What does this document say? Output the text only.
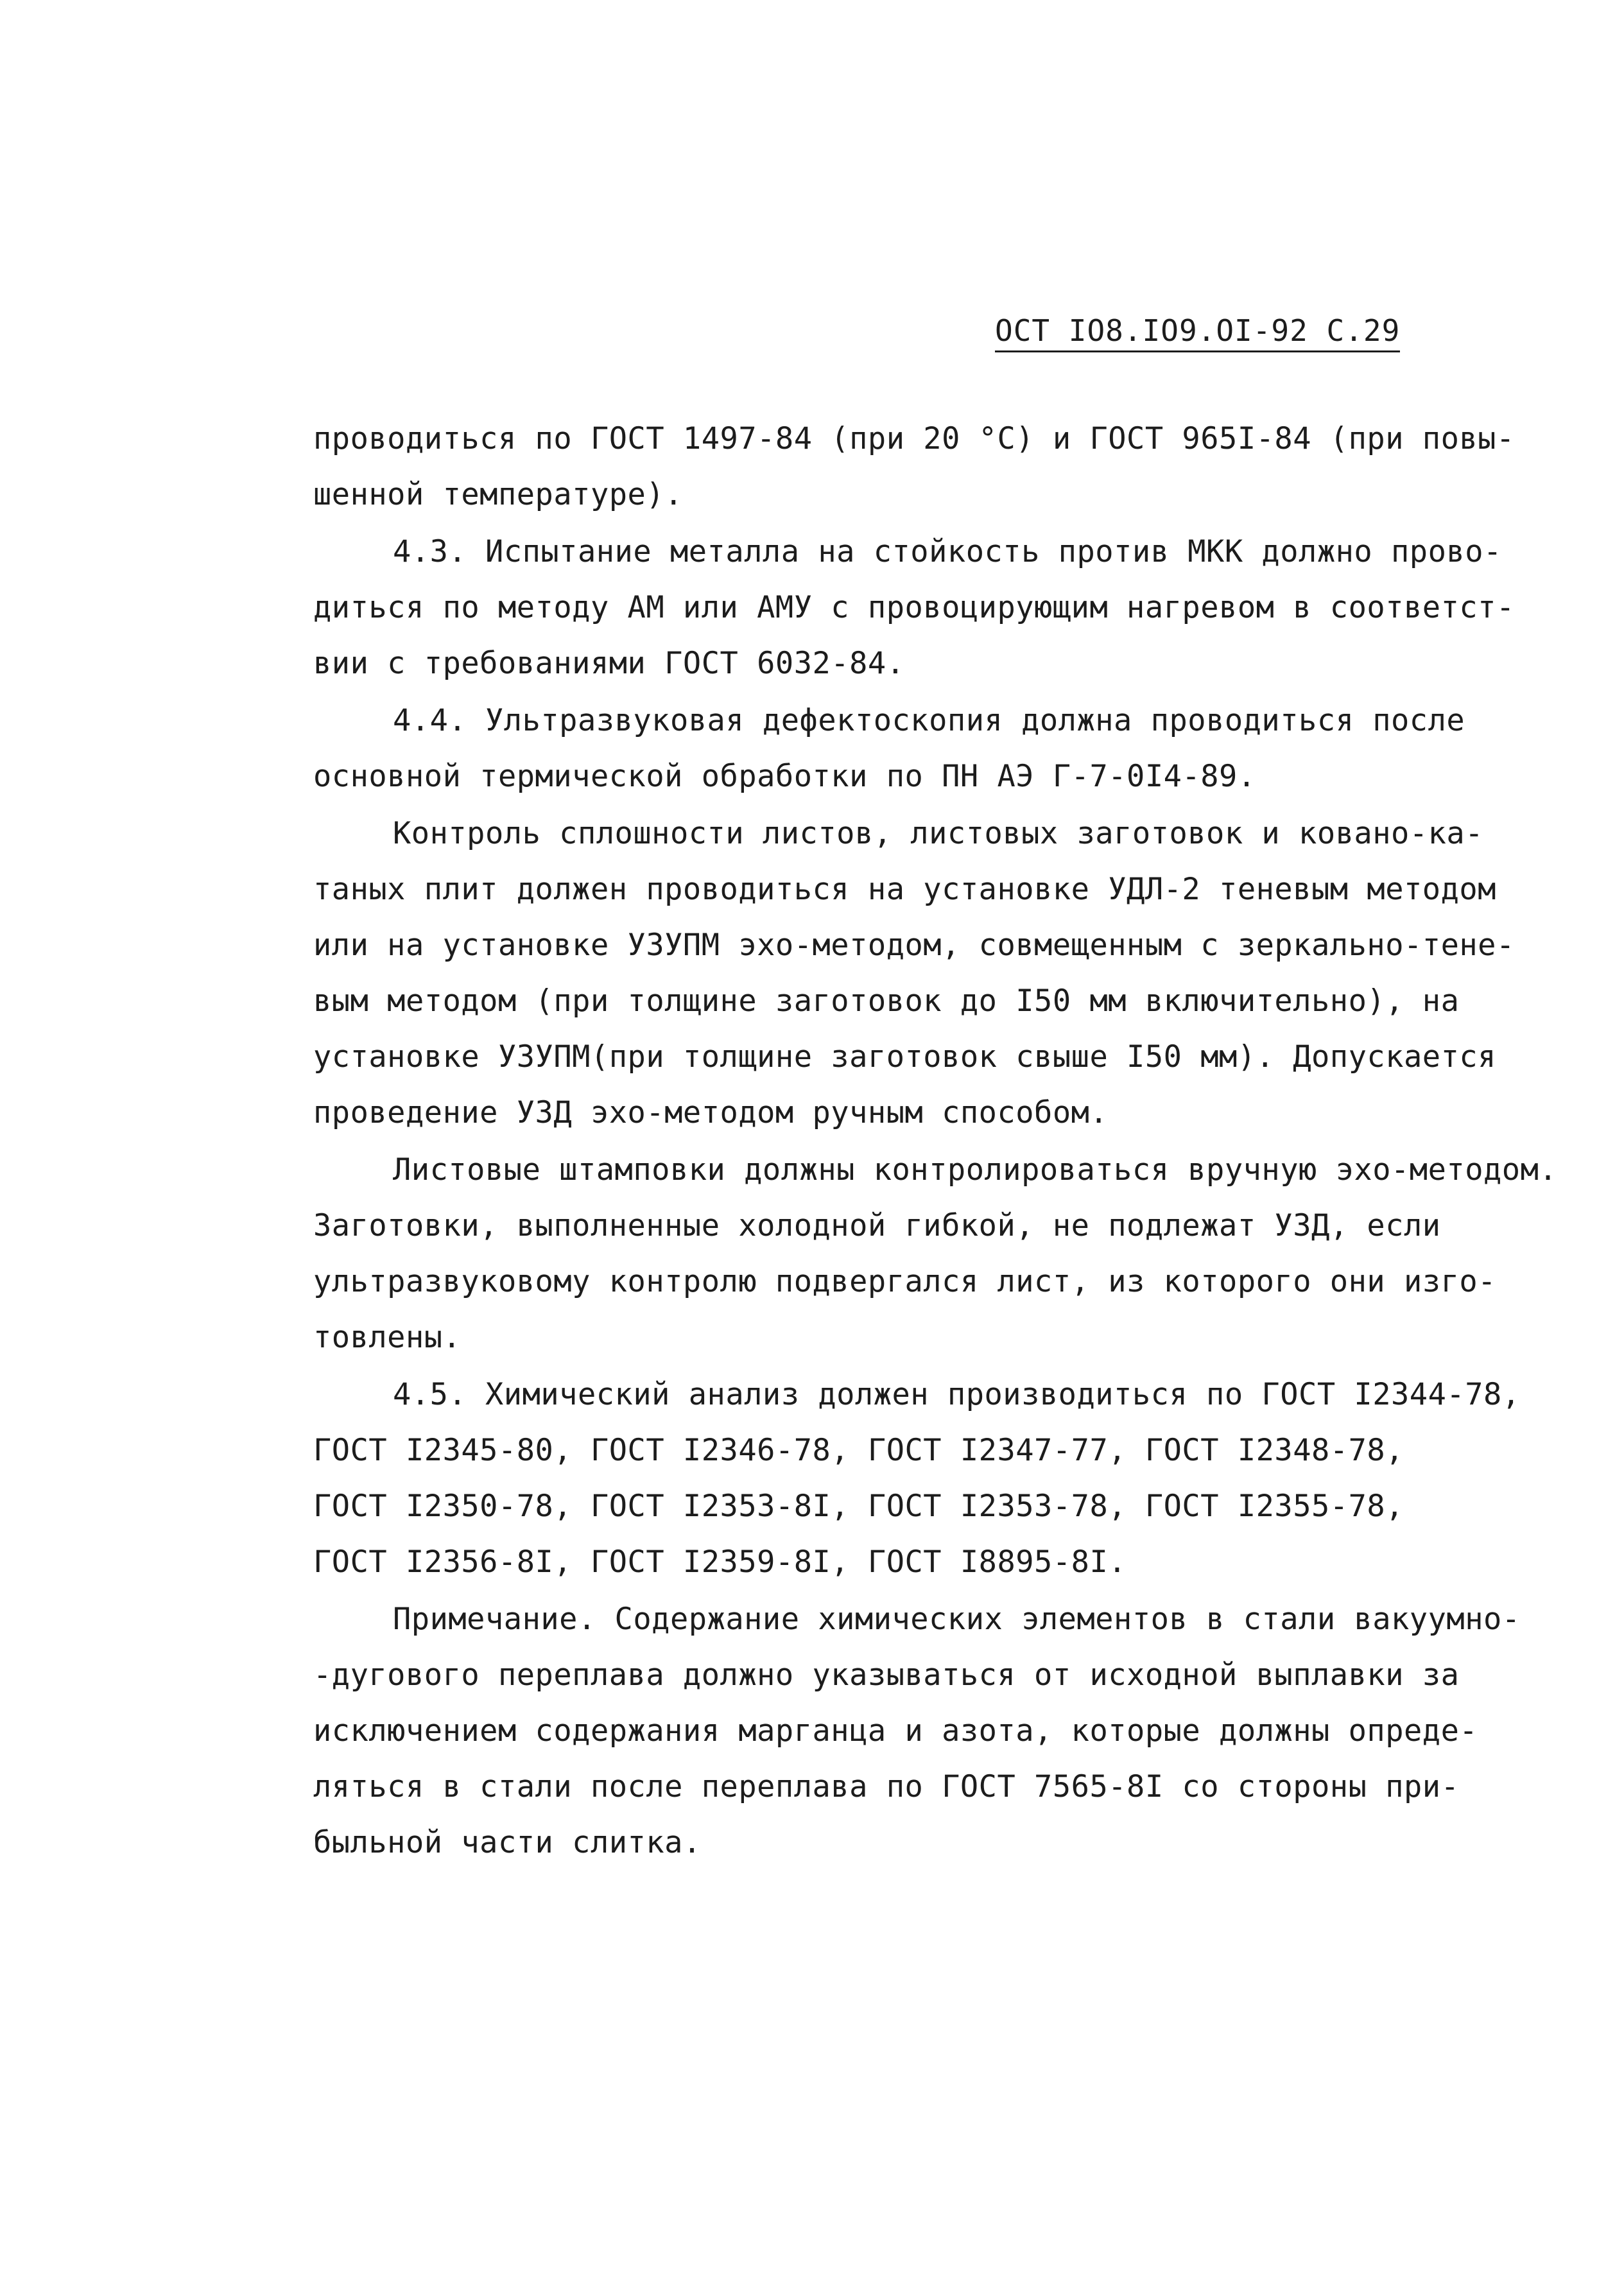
ОСТ IO8.IO9.OI-92 С.29
проводиться по ГОСТ 1497-84 (при 20 °С) и ГОСТ 965I-84 (при повы-
шенной температуре).
4.3. Испытание металла на стойкость против МКК должно прово-
диться по методу АМ или АМУ с провоцирующим нагревом в соответст-
вии с требованиями ГОСТ 6032-84.
4.4. Ультразвуковая дефектоскопия должна проводиться после
основной термической обработки по ПН АЭ Г-7-0I4-89.
Контроль сплошности листов, листовых заготовок и ковано-ка-
таных плит должен проводиться на установке УДЛ-2 теневым методом
или на установке УЗУПМ эхо-методом, совмещенным с зеркально-тене-
вым методом (при толщине заготовок до I50 мм включительно), на
установке УЗУПМ(при толщине заготовок свыше I50 мм). Допускается
проведение УЗД эхо-методом ручным способом.
Листовые штамповки должны контролироваться вручную эхо-методом.
Заготовки, выполненные холодной гибкой, не подлежат УЗД, если
ультразвуковому контролю подвергался лист, из которого они изго-
товлены.
4.5. Химический анализ должен производиться по ГОСТ I2344-78,
ГОСТ I2345-80, ГОСТ I2346-78, ГОСТ I2347-77, ГОСТ I2348-78,
ГОСТ I2350-78, ГОСТ I2353-8I, ГОСТ I2353-78, ГОСТ I2355-78,
ГОСТ I2356-8I, ГОСТ I2359-8I, ГОСТ I8895-8I.
Примечание. Содержание химических элементов в стали вакуумно-
-дугового переплава должно указываться от исходной выплавки за
исключением содержания марганца и азота, которые должны опреде-
ляться в стали после переплава по ГОСТ 7565-8I со стороны при-
быльной части слитка.
